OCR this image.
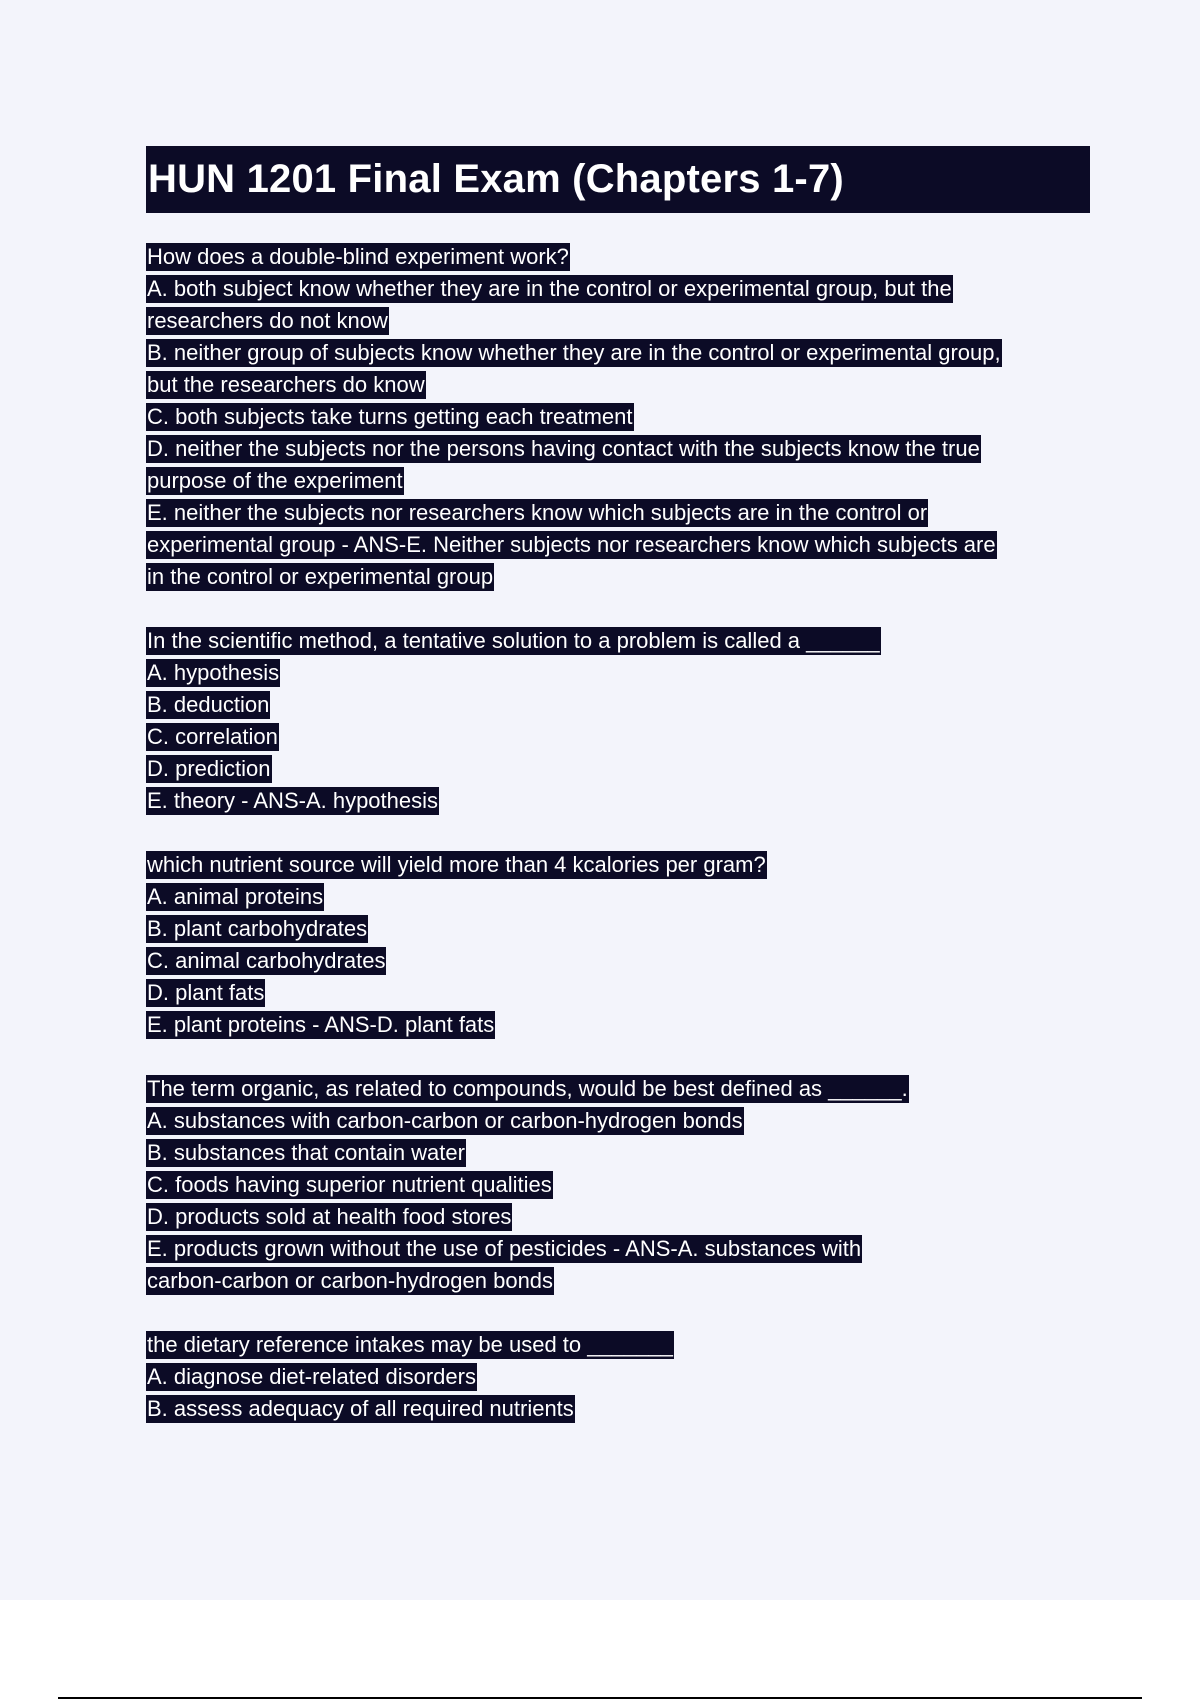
HUN 1201 Final Exam (Chapters 1-7)
How does a double-blind experiment work?
A. both subject know whether they are in the control or experimental group, but the
researchers do not know
B. neither group of subjects know whether they are in the control or experimental group,
but the researchers do know
C. both subjects take turns getting each treatment
D. neither the subjects nor the persons having contact with the subjects know the true
purpose of the experiment
E. neither the subjects nor researchers know which subjects are in the control or
experimental group - ANS-E. Neither subjects nor researchers know which subjects are
in the control or experimental group
In the scientific method, a tentative solution to a problem is called a ______
A. hypothesis
B. deduction
C. correlation
D. prediction
E. theory - ANS-A. hypothesis
which nutrient source will yield more than 4 kcalories per gram?
A. animal proteins
B. plant carbohydrates
C. animal carbohydrates
D. plant fats
E. plant proteins - ANS-D. plant fats
The term organic, as related to compounds, would be best defined as ______.
A. substances with carbon-carbon or carbon-hydrogen bonds
B. substances that contain water
C. foods having superior nutrient qualities
D. products sold at health food stores
E. products grown without the use of pesticides - ANS-A. substances with
carbon-carbon or carbon-hydrogen bonds
the dietary reference intakes may be used to _______
A. diagnose diet-related disorders
B. assess adequacy of all required nutrients
